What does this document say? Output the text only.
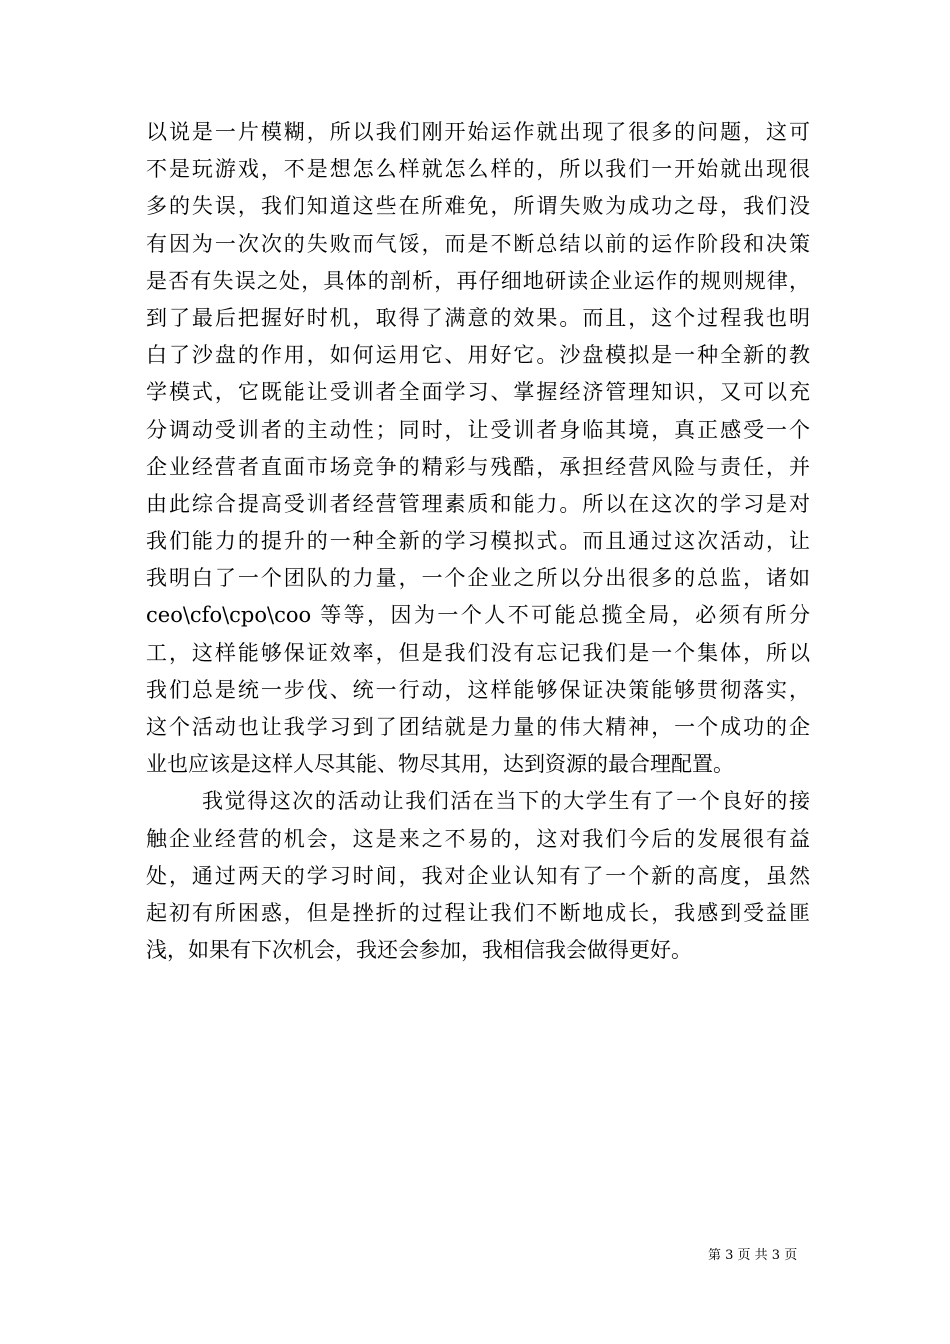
以说是一片模糊，所以我们刚开始运作就出现了很多的问题，这可
不是玩游戏，不是想怎么样就怎么样的，所以我们一开始就出现很
多的失误，我们知道这些在所难免，所谓失败为成功之母，我们没
有因为一次次的失败而气馁，而是不断总结以前的运作阶段和决策
是否有失误之处，具体的剖析，再仔细地研读企业运作的规则规律，
到了最后把握好时机，取得了满意的效果。而且，这个过程我也明
白了沙盘的作用，如何运用它、用好它。沙盘模拟是一种全新的教
学模式，它既能让受训者全面学习、掌握经济管理知识，又可以充
分调动受训者的主动性；同时，让受训者身临其境，真正感受一个
企业经营者直面市场竞争的精彩与残酷，承担经营风险与责任，并
由此综合提高受训者经营管理素质和能力。所以在这次的学习是对
我们能力的提升的一种全新的学习模拟式。而且通过这次活动，让
我明白了一个团队的力量，一个企业之所以分出很多的总监，诸如
ceo\cfo\cpo\coo 等等，因为一个人不可能总揽全局，必须有所分
工，这样能够保证效率，但是我们没有忘记我们是一个集体，所以
我们总是统一步伐、统一行动，这样能够保证决策能够贯彻落实，
这个活动也让我学习到了团结就是力量的伟大精神，一个成功的企
业也应该是这样人尽其能、物尽其用，达到资源的最合理配置。
我觉得这次的活动让我们活在当下的大学生有了一个良好的接
触企业经营的机会，这是来之不易的，这对我们今后的发展很有益
处，通过两天的学习时间，我对企业认知有了一个新的高度，虽然
起初有所困惑，但是挫折的过程让我们不断地成长，我感到受益匪
浅，如果有下次机会，我还会参加，我相信我会做得更好。
第 3 页 共 3 页
